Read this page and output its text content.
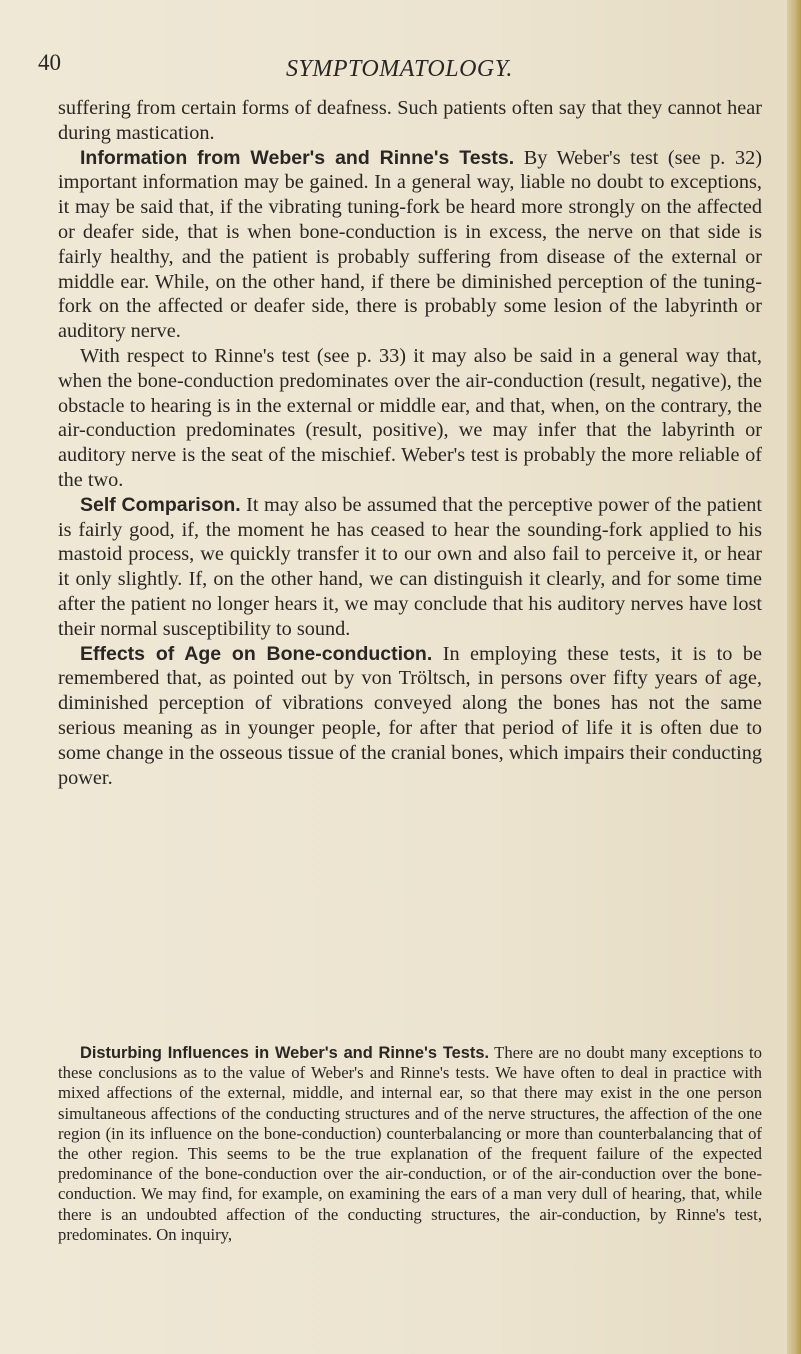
40	SYMPTOMATOLOGY.

suffering from certain forms of deafness. Such patients often say that they cannot hear during mastication.

Information from Weber's and Rinne's Tests. By Weber's test (see p. 32) important information may be gained. In a general way, liable no doubt to exceptions, it may be said that, if the vibrating tuning-fork be heard more strongly on the affected or deafer side, that is when bone-conduction is in excess, the nerve on that side is fairly healthy, and the patient is probably suffering from disease of the external or middle ear. While, on the other hand, if there be diminished perception of the tuning-fork on the affected or deafer side, there is probably some lesion of the labyrinth or auditory nerve.

With respect to Rinne's test (see p. 33) it may also be said in a general way that, when the bone-conduction predominates over the air-conduction (result, negative), the obstacle to hearing is in the external or middle ear, and that, when, on the contrary, the air-conduction predominates (result, positive), we may infer that the labyrinth or auditory nerve is the seat of the mischief. Weber's test is probably the more reliable of the two.

Self Comparison. It may also be assumed that the perceptive power of the patient is fairly good, if, the moment he has ceased to hear the sounding-fork applied to his mastoid process, we quickly transfer it to our own and also fail to perceive it, or hear it only slightly. If, on the other hand, we can distinguish it clearly, and for some time after the patient no longer hears it, we may conclude that his auditory nerves have lost their normal susceptibility to sound.

Effects of Age on Bone-conduction. In employing these tests, it is to be remembered that, as pointed out by von Tröltsch, in persons over fifty years of age, diminished perception of vibrations conveyed along the bones has not the same serious meaning as in younger people, for after that period of life it is often due to some change in the osseous tissue of the cranial bones, which impairs their conducting power.

Disturbing Influences in Weber's and Rinne's Tests. There are no doubt many exceptions to these conclusions as to the value of Weber's and Rinne's tests. We have often to deal in practice with mixed affections of the external, middle, and internal ear, so that there may exist in the one person simultaneous affections of the conducting structures and of the nerve structures, the affection of the one region (in its influence on the bone-conduction) counterbalancing or more than counterbalancing that of the other region. This seems to be the true explanation of the frequent failure of the expected predominance of the bone-conduction over the air-conduction, or of the air-conduction over the bone-conduction. We may find, for example, on examining the ears of a man very dull of hearing, that, while there is an undoubted affection of the conducting structures, the air-conduction, by Rinne's test, predominates. On inquiry,
